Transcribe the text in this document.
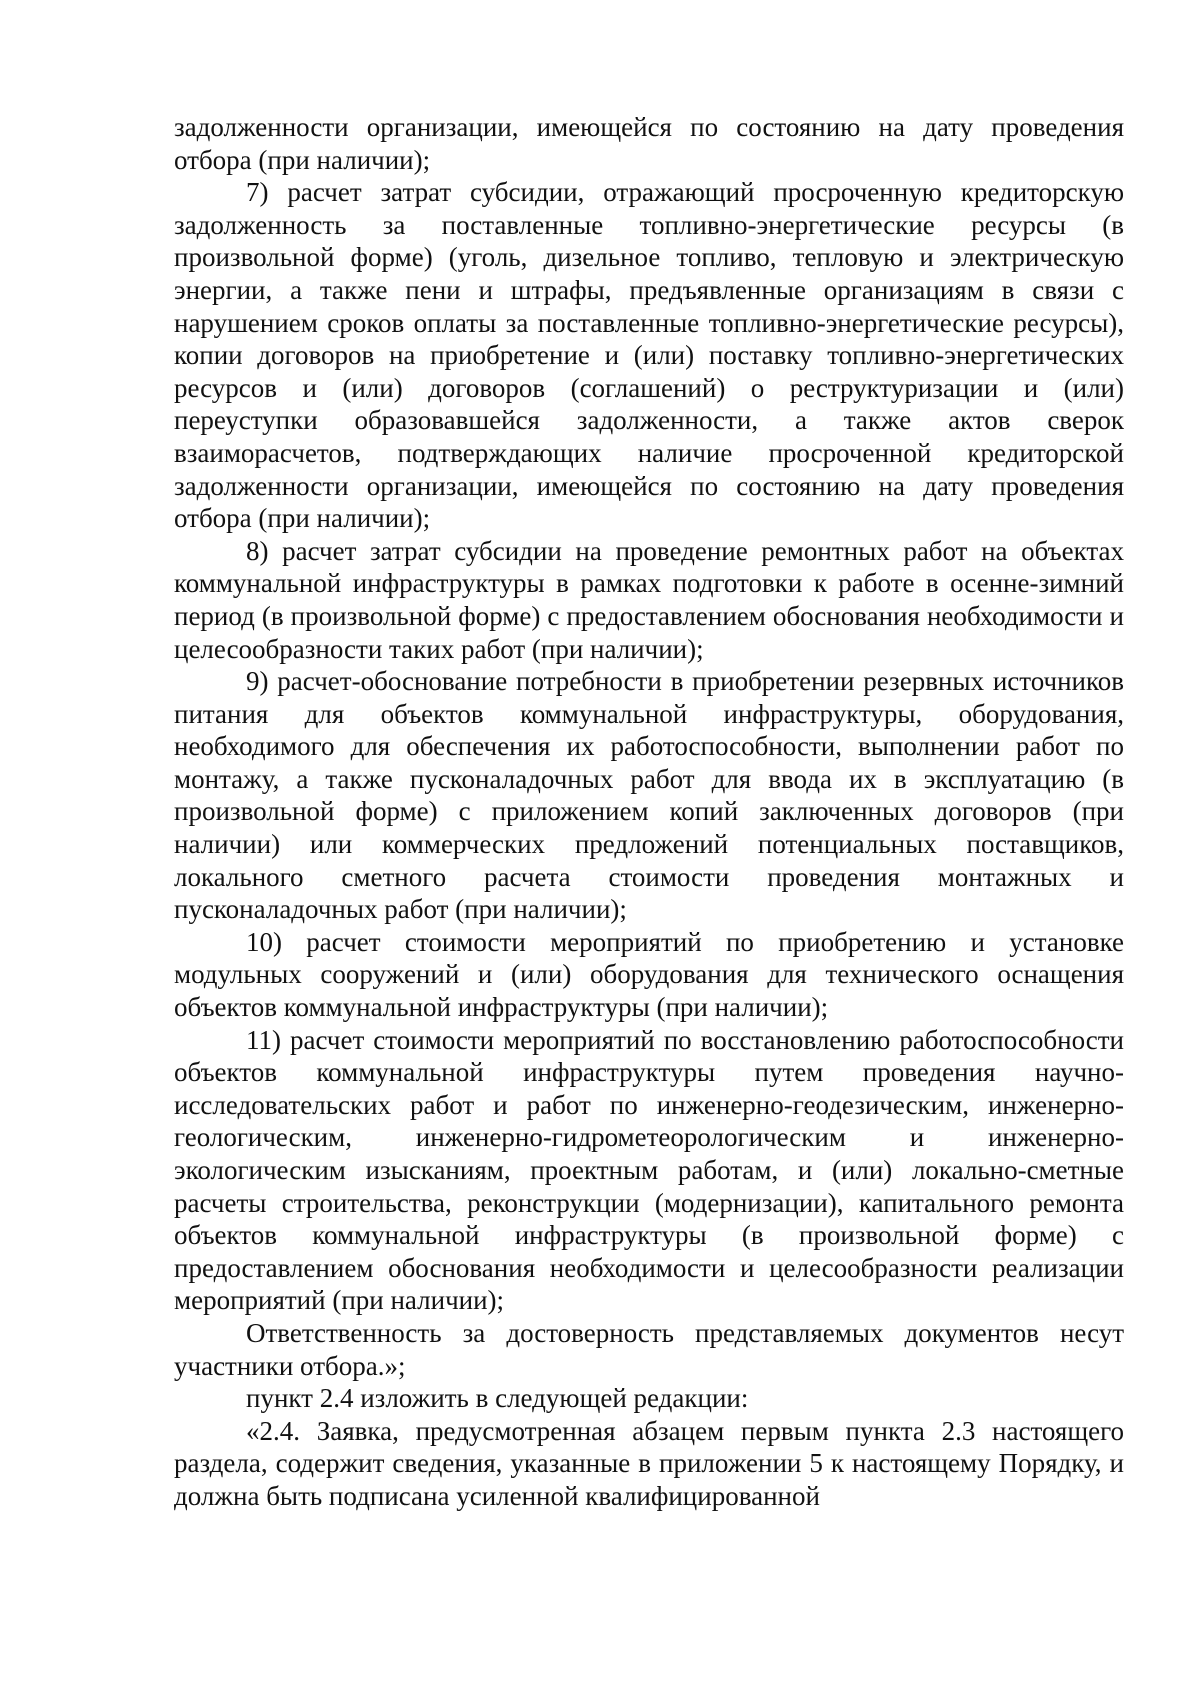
задолженности организации, имеющейся по состоянию на дату проведения отбора (при наличии);

7) расчет затрат субсидии, отражающий просроченную кредиторскую задолженность за поставленные топливно-энергетические ресурсы (в произвольной форме) (уголь, дизельное топливо, тепловую и электрическую энергии, а также пени и штрафы, предъявленные организациям в связи с нарушением сроков оплаты за поставленные топливно-энергетические ресурсы), копии договоров на приобретение и (или) поставку топливно-энергетических ресурсов и (или) договоров (соглашений) о реструктуризации и (или) переуступки образовавшейся задолженности, а также актов сверок взаиморасчетов, подтверждающих наличие просроченной кредиторской задолженности организации, имеющейся по состоянию на дату проведения отбора (при наличии);

8) расчет затрат субсидии на проведение ремонтных работ на объектах коммунальной инфраструктуры в рамках подготовки к работе в осенне-зимний период (в произвольной форме) с предоставлением обоснования необходимости и целесообразности таких работ (при наличии);

9) расчет-обоснование потребности в приобретении резервных источников питания для объектов коммунальной инфраструктуры, оборудования, необходимого для обеспечения их работоспособности, выполнении работ по монтажу, а также пусконаладочных работ для ввода их в эксплуатацию (в произвольной форме) с приложением копий заключенных договоров (при наличии) или коммерческих предложений потенциальных поставщиков, локального сметного расчета стоимости проведения монтажных и пусконаладочных работ (при наличии);

10) расчет стоимости мероприятий по приобретению и установке модульных сооружений и (или) оборудования для технического оснащения объектов коммунальной инфраструктуры (при наличии);

11) расчет стоимости мероприятий по восстановлению работоспособности объектов коммунальной инфраструктуры путем проведения научно-исследовательских работ и работ по инженерно-геодезическим, инженерно-геологическим, инженерно-гидрометеорологическим и инженерно-экологическим изысканиям, проектным работам, и (или) локально-сметные расчеты строительства, реконструкции (модернизации), капитального ремонта объектов коммунальной инфраструктуры (в произвольной форме) с предоставлением обоснования необходимости и целесообразности реализации мероприятий (при наличии);

Ответственность за достоверность представляемых документов несут участники отбора.»;

пункт 2.4 изложить в следующей редакции:

«2.4. Заявка, предусмотренная абзацем первым пункта 2.3 настоящего раздела, содержит сведения, указанные в приложении 5 к настоящему Порядку, и должна быть подписана усиленной квалифицированной
